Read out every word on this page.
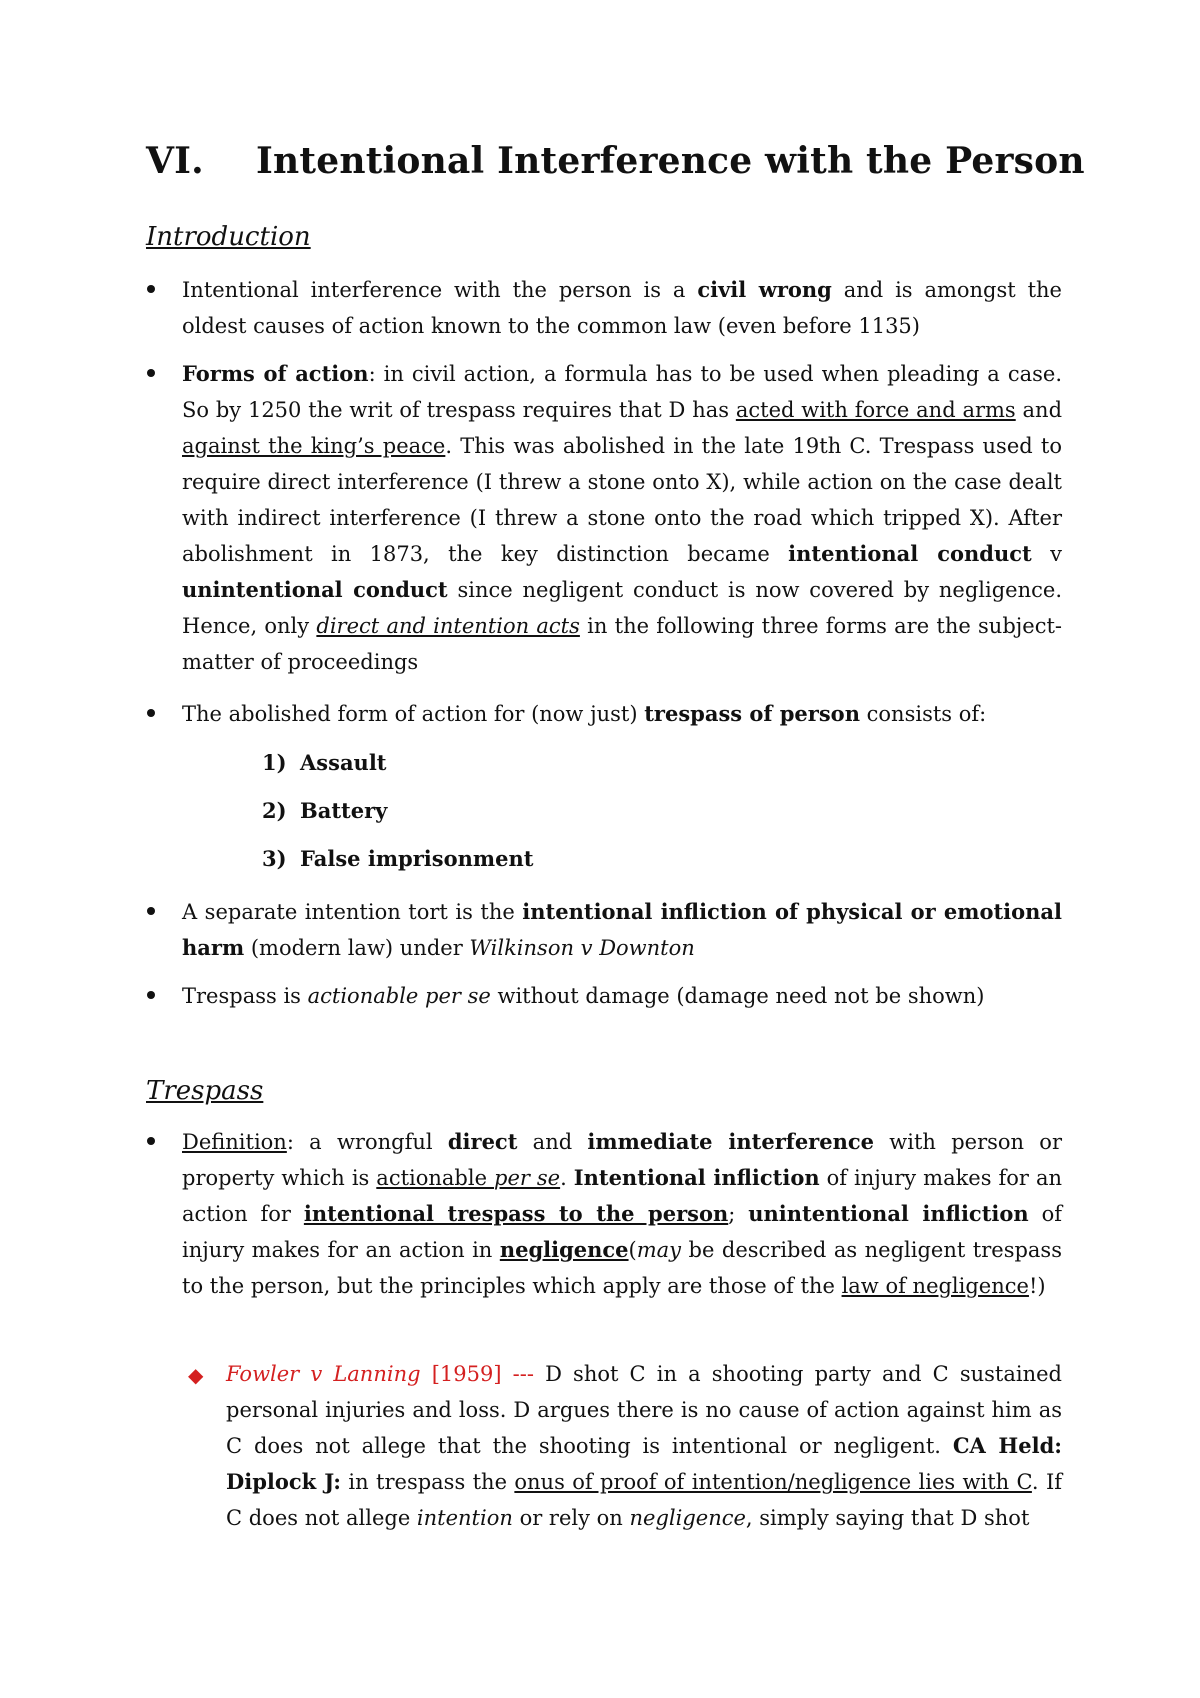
VI. Intentional Interference with the Person
Introduction

Intentional interference with the person is a civil wrong and is amongst the oldest causes of action known to the common law (even before 1135)

Forms of action: in civil action, a formula has to be used when pleading a case. So by 1250 the writ of trespass requires that D has acted with force and arms and against the king’s peace. This was abolished in the late 19th C. Trespass used to require direct interference (I threw a stone onto X), while action on the case dealt with indirect interference (I threw a stone onto the road which tripped X). After abolishment in 1873, the key distinction became intentional conduct v unintentional conduct since negligent conduct is now covered by negligence. Hence, only direct and intention acts in the following three forms are the subject-matter of proceedings

The abolished form of action for (now just) trespass of person consists of:

1) Assault

2) Battery

3) False imprisonment

A separate intention tort is the intentional infliction of physical or emotional harm (modern law) under Wilkinson v Downton

Trespass is actionable per se without damage (damage need not be shown)

Trespass

Definition: a wrongful direct and immediate interference with person or property which is actionable per se. Intentional infliction of injury makes for an action for intentional trespass to the person; unintentional infliction of injury makes for an action in negligence(may be described as negligent trespass to the person, but the principles which apply are those of the law of negligence!)

◆ Fowler v Lanning [1959] --- D shot C in a shooting party and C sustained personal injuries and loss. D argues there is no cause of action against him as C does not allege that the shooting is intentional or negligent. CA Held: Diplock J: in trespass the onus of proof of intention/negligence lies with C. If C does not allege intention or rely on negligence, simply saying that D shot
